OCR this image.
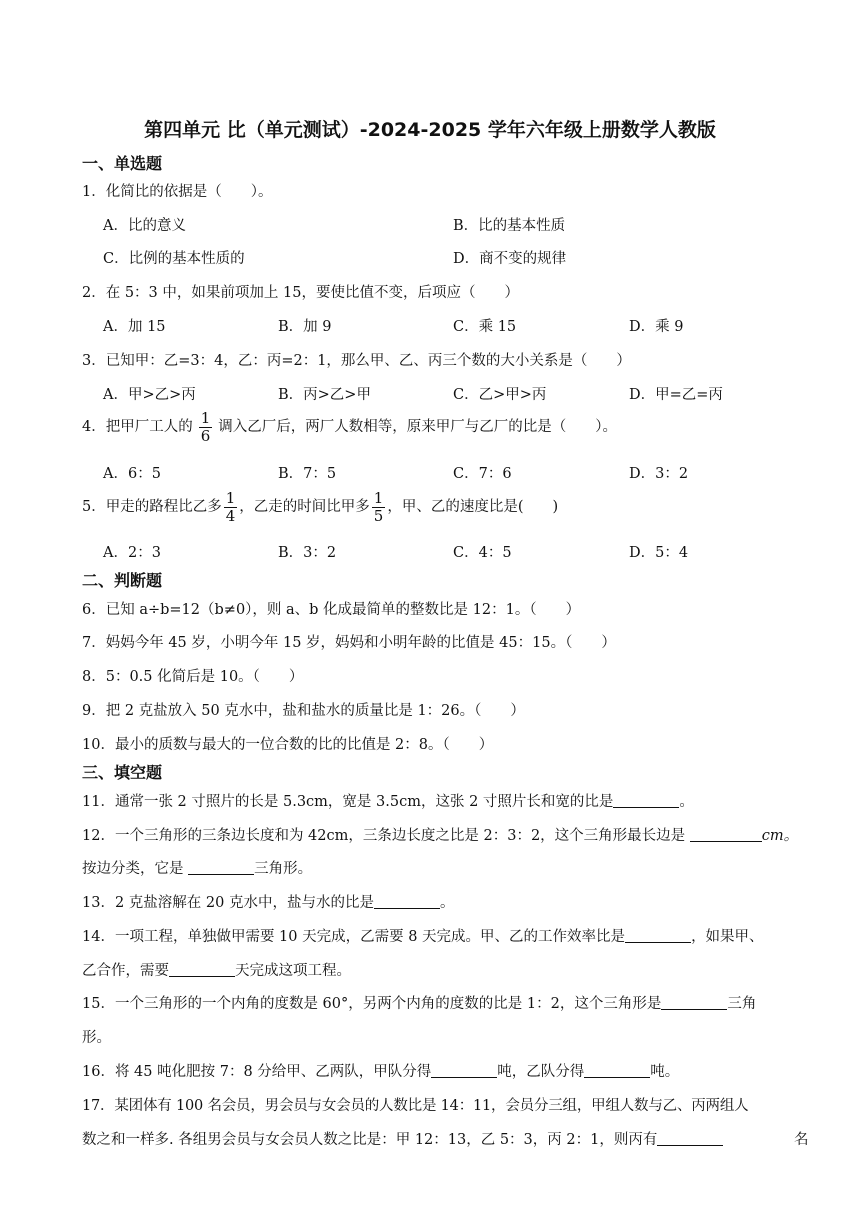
第四单元 比（单元测试）-2024-2025 学年六年级上册数学人教版
一、单选题
1．化简比的依据是（　　）。
A．比的意义	B．比的基本性质
C．比例的基本性质的	D．商不变的规律
2．在 5：3 中，如果前项加上 15，要使比值不变，后项应（　　）
A．加 15	B．加 9	C．乘 15	D．乘 9
3．已知甲：乙=3：4，乙：丙=2：1，那么甲、乙、丙三个数的大小关系是（　　）
A．甲>乙>丙	B．丙>乙>甲	C．乙>甲>丙	D．甲=乙=丙
4．把甲厂工人的 $\frac{1}{6}$ 调入乙厂后，两厂人数相等，原来甲厂与乙厂的比是（　　）。
A．6：5	B．7：5	C．7：6	D．3：2
5．甲走的路程比乙多 $\frac{1}{4}$ ，乙走的时间比甲多 $\frac{1}{5}$ ，甲、乙的速度比是(　　)
A．2：3	B．3：2	C．4：5	D．5：4
二、判断题
6．已知 a÷b=12（b≠0），则 a、b 化成最简单的整数比是 12：1。（　　）
7．妈妈今年 45 岁，小明今年 15 岁，妈妈和小明年龄的比值是 45：15。（　　）
8．5：0.5 化简后是 10。（　　）
9．把 2 克盐放入 50 克水中，盐和盐水的质量比是 1：26。（　　）
10．最小的质数与最大的一位合数的比的比值是 2：8。（　　）
三、填空题
11．通常一张 2 寸照片的长是 5.3cm，宽是 3.5cm，这张 2 寸照片长和宽的比是	。
12．一个三角形的三条边长度和为 42cm，三条边长度之比是 2：3：2，这个三角形最长边是	cm。
按边分类，它是	三角形。
13．2 克盐溶解在 20 克水中，盐与水的比是	。
14．一项工程，单独做甲需要 10 天完成，乙需要 8 天完成。甲、乙的工作效率比是	，如果甲、
乙合作，需要	天完成这项工程。
15．一个三角形的一个内角的度数是 60°，另两个内角的度数的比是 1：2，这个三角形是	三角
形。
16．将 45 吨化肥按 7：8 分给甲、乙两队，甲队分得	吨，乙队分得	吨。
17．某团体有 100 名会员，男会员与女会员的人数比是 14：11，会员分三组，甲组人数与乙、丙两组人
数之和一样多. 各组男会员与女会员人数之比是：甲 12：13，乙 5：3，丙 2：1，则丙有	名
